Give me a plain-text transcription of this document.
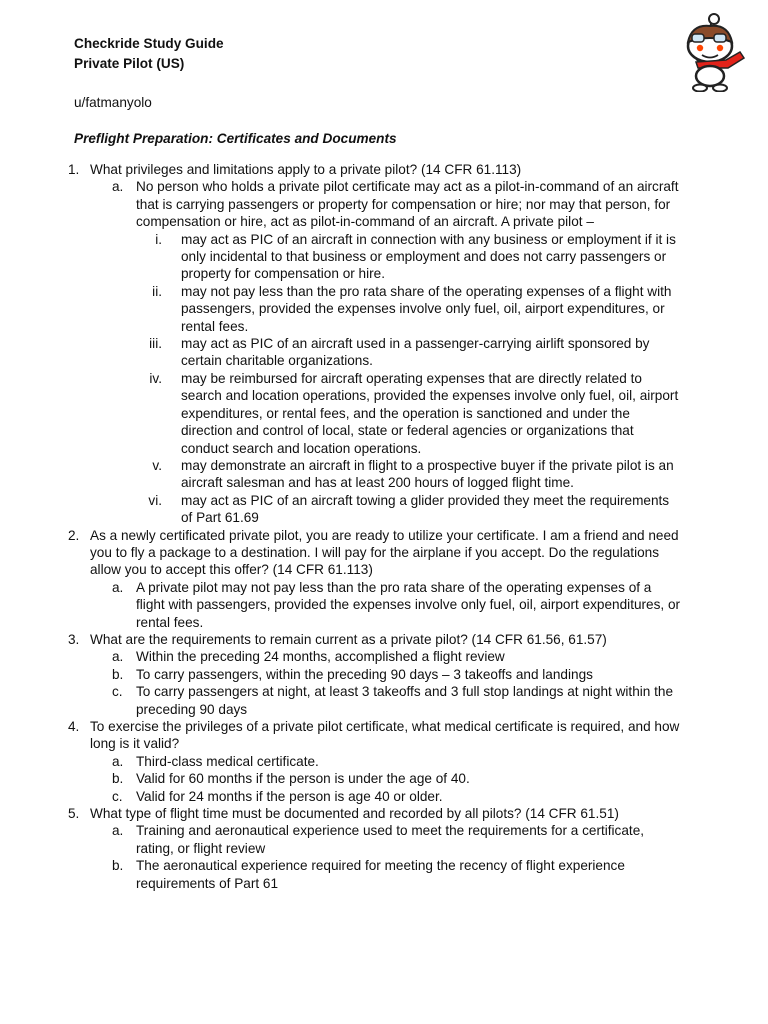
Checkride Study Guide
Private Pilot (US)
u/fatmanyolo
Preflight Preparation: Certificates and Documents
1. What privileges and limitations apply to a private pilot? (14 CFR 61.113)
a. No person who holds a private pilot certificate may act as a pilot-in-command of an aircraft that is carrying passengers or property for compensation or hire; nor may that person, for compensation or hire, act as pilot-in-command of an aircraft. A private pilot –
i. may act as PIC of an aircraft in connection with any business or employment if it is only incidental to that business or employment and does not carry passengers or property for compensation or hire.
ii. may not pay less than the pro rata share of the operating expenses of a flight with passengers, provided the expenses involve only fuel, oil, airport expenditures, or rental fees.
iii. may act as PIC of an aircraft used in a passenger-carrying airlift sponsored by certain charitable organizations.
iv. may be reimbursed for aircraft operating expenses that are directly related to search and location operations, provided the expenses involve only fuel, oil, airport expenditures, or rental fees, and the operation is sanctioned and under the direction and control of local, state or federal agencies or organizations that conduct search and location operations.
v. may demonstrate an aircraft in flight to a prospective buyer if the private pilot is an aircraft salesman and has at least 200 hours of logged flight time.
vi. may act as PIC of an aircraft towing a glider provided they meet the requirements of Part 61.69
2. As a newly certificated private pilot, you are ready to utilize your certificate. I am a friend and need you to fly a package to a destination. I will pay for the airplane if you accept. Do the regulations allow you to accept this offer? (14 CFR 61.113)
a. A private pilot may not pay less than the pro rata share of the operating expenses of a flight with passengers, provided the expenses involve only fuel, oil, airport expenditures, or rental fees.
3. What are the requirements to remain current as a private pilot? (14 CFR 61.56, 61.57)
a. Within the preceding 24 months, accomplished a flight review
b. To carry passengers, within the preceding 90 days – 3 takeoffs and landings
c. To carry passengers at night, at least 3 takeoffs and 3 full stop landings at night within the preceding 90 days
4. To exercise the privileges of a private pilot certificate, what medical certificate is required, and how long is it valid?
a. Third-class medical certificate.
b. Valid for 60 months if the person is under the age of 40.
c. Valid for 24 months if the person is age 40 or older.
5. What type of flight time must be documented and recorded by all pilots? (14 CFR 61.51)
a. Training and aeronautical experience used to meet the requirements for a certificate, rating, or flight review
b. The aeronautical experience required for meeting the recency of flight experience requirements of Part 61
